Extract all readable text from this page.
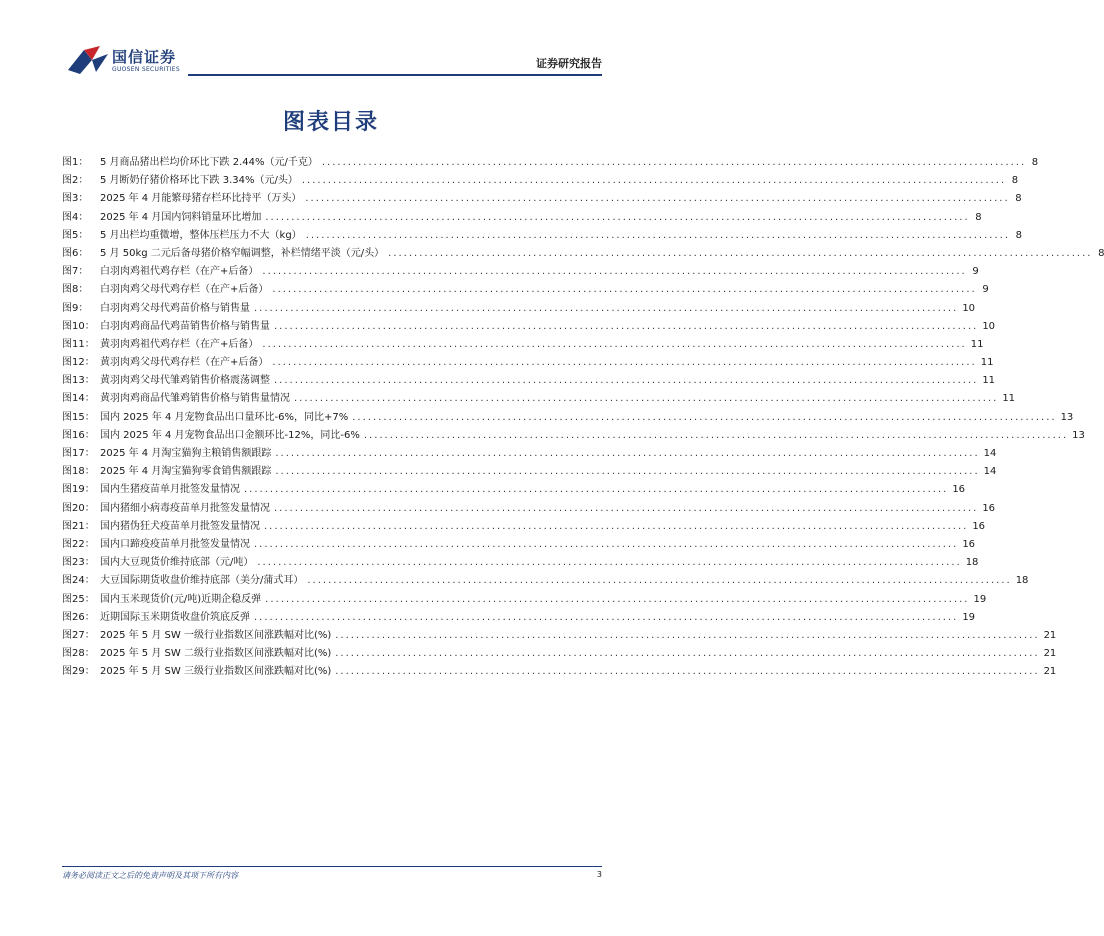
国信证券
GUOSEN SECURITIES	证券研究报告
图表目录
图1：	5 月商品猪出栏均价环比下跌 2.44%（元/千克） .....	8
图2：	5 月断奶仔猪价格环比下跌 3.34%（元/头） .....	8
图3：	2025 年 4 月能繁母猪存栏环比持平（万头） .....	8
图4：	2025 年 4 月国内饲料销量环比增加 .....	8
图5：	5 月出栏均重微增，整体压栏压力不大（kg） .....	8
图6：	5 月 50kg 二元后备母猪价格窄幅调整，补栏情绪平淡（元/头） .....	8
图7：	白羽肉鸡祖代鸡存栏（在产+后备） .....	9
图8：	白羽肉鸡父母代鸡存栏（在产+后备） .....	9
图9：	白羽肉鸡父母代鸡苗价格与销售量 .....	10
图10： 白羽肉鸡商品代鸡苗销售价格与销售量 .....	10
图11： 黄羽肉鸡祖代鸡存栏（在产+后备） .....	11
图12： 黄羽肉鸡父母代鸡存栏（在产+后备） .....	11
图13： 黄羽肉鸡父母代雏鸡销售价格震荡调整 .....	11
图14： 黄羽肉鸡商品代雏鸡销售价格与销售量情况 .....	11
图15： 国内 2025 年 4 月宠物食品出口量环比-6%，同比+7% .....	13
图16： 国内 2025 年 4 月宠物食品出口金额环比-12%，同比-6% .....	13
图17： 2025 年 4 月淘宝猫狗主粮销售额跟踪 .....	14
图18： 2025 年 4 月淘宝猫狗零食销售额跟踪 .....	14
图19： 国内生猪疫苗单月批签发量情况 .....	16
图20： 国内猪细小病毒疫苗单月批签发量情况 .....	16
图21： 国内猪伪狂犬疫苗单月批签发量情况 .....	16
图22： 国内口蹄疫疫苗单月批签发量情况 .....	16
图23： 国内大豆现货价维持底部（元/吨） .....	18
图24： 大豆国际期货收盘价维持底部（美分/蒲式耳） .....	18
图25： 国内玉米现货价(元/吨)近期企稳反弹 .....	19
图26： 近期国际玉米期货收盘价筑底反弹 .....	19
图27： 2025 年 5 月 SW 一级行业指数区间涨跌幅对比(%) .....	21
图28： 2025 年 5 月 SW 二级行业指数区间涨跌幅对比(%) .....	21
图29： 2025 年 5 月 SW 三级行业指数区间涨跌幅对比(%) .....	21
请务必阅读正文之后的免责声明及其项下所有内容	3
